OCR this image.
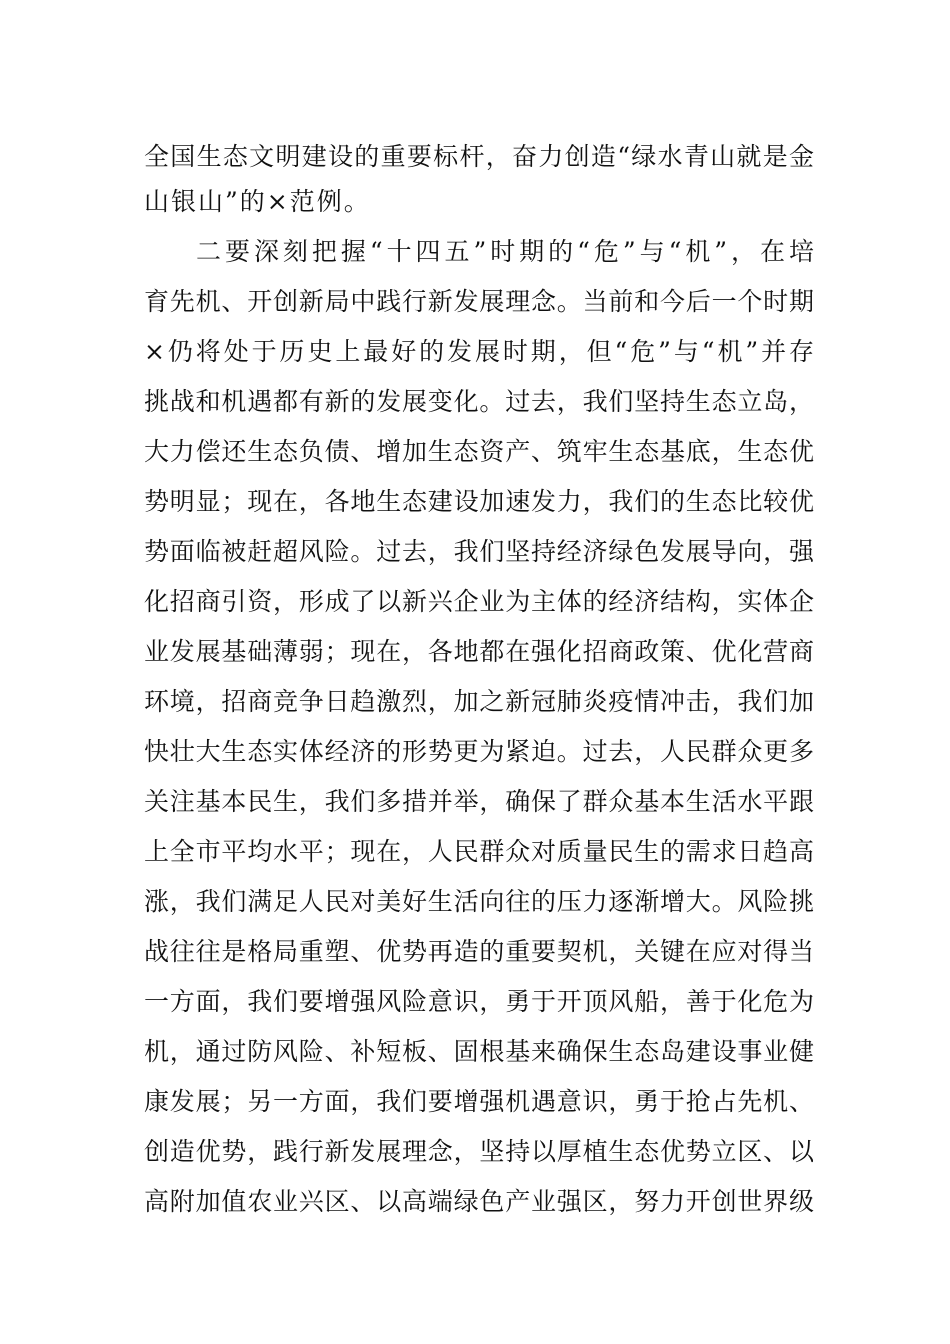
全国生态文明建设的重要标杆，奋力创造“绿水青山就是金
山银山”的×范例。
二要深刻把握“十四五”时期的“危”与“机”，在培
育先机、开创新局中践行新发展理念。当前和今后一个时期
×仍将处于历史上最好的发展时期，但“危”与“机”并存
挑战和机遇都有新的发展变化。过去，我们坚持生态立岛，
大力偿还生态负债、增加生态资产、筑牢生态基底，生态优
势明显；现在，各地生态建设加速发力，我们的生态比较优
势面临被赶超风险。过去，我们坚持经济绿色发展导向，强
化招商引资，形成了以新兴企业为主体的经济结构，实体企
业发展基础薄弱；现在，各地都在强化招商政策、优化营商
环境，招商竞争日趋激烈，加之新冠肺炎疫情冲击，我们加
快壮大生态实体经济的形势更为紧迫。过去，人民群众更多
关注基本民生，我们多措并举，确保了群众基本生活水平跟
上全市平均水平；现在，人民群众对质量民生的需求日趋高
涨，我们满足人民对美好生活向往的压力逐渐增大。风险挑
战往往是格局重塑、优势再造的重要契机，关键在应对得当
一方面，我们要增强风险意识，勇于开顶风船，善于化危为
机，通过防风险、补短板、固根基来确保生态岛建设事业健
康发展；另一方面，我们要增强机遇意识，勇于抢占先机、
创造优势，践行新发展理念，坚持以厚植生态优势立区、以
高附加值农业兴区、以高端绿色产业强区，努力开创世界级
